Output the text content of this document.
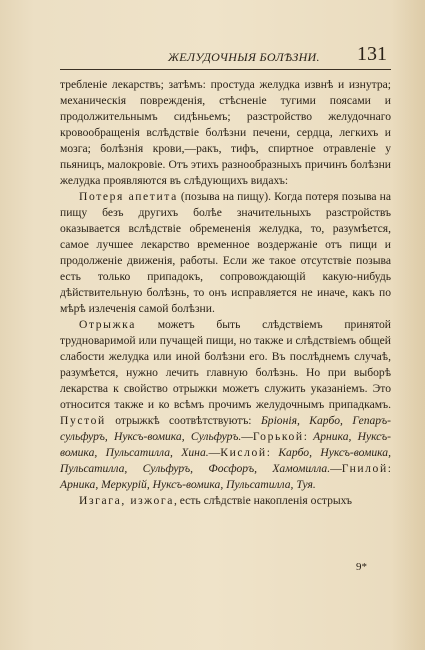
ЖЕЛУДОЧНЫЯ БОЛѢЗНИ. 131

требленіе лекарствъ; затѣмъ: простуда желудка извнѣ и изнутра; механическія поврежденія, стѣсненіе тугими поясами и продолжительнымъ сидѣньемъ; разстройство желудочнаго кровообращенія вслѣдствіе болѣзни печени, сердца, легкихъ и мозга; болѣзнія крови,—ракъ, тифъ, спиртное отравленіе у пьяницъ, малокровіе. Отъ этихъ разнообразныхъ причинъ болѣзни желудка проявляются въ слѣдующихъ видахъ:

Потеря апетита (позыва на пищу). Когда потеря позыва на пищу безъ другихъ болѣе значительныхъ разстройствъ оказывается вслѣдствіе обремененія желудка, то, разумѣется, самое лучшее лекарство временное воздержаніе отъ пищи и продолженіе движенія, работы. Если же такое отсутствіе позыва есть только припадокъ, сопровождающій какую-нибудь дѣйствительную болѣзнь, то онъ исправляется не иначе, какъ по мѣрѣ излеченія самой болѣзни.

Отрыжка можетъ быть слѣдствіемъ принятой трудноваримой или пучащей пищи, но также и слѣдствіемъ общей слабости желудка или иной болѣзни его. Въ послѣднемъ случаѣ, разумѣется, нужно лечить главную болѣзнь. Но при выборѣ лекарства к свойство отрыжки можетъ служить указаніемъ. Это относится также и ко всѣмъ прочимъ желудочнымъ припадкамъ. Пустой отрыжкѣ соотвѣтствуютъ: Бріонія, Карбо, Гепаръ-сульфуръ, Нуксъ-вомика, Сульфуръ.—Горькой: Арника, Нуксъ-вомика, Пульсатилла, Хина.—Кислой: Карбо, Нуксъ-вомика, Пульсатилла, Сульфуръ, Фосфоръ, Хамомилла.—Гнилой: Арника, Меркурій, Нуксъ-вомика, Пульсатилла, Туя.

Изгага, изжога, есть слѣдствіе накопленія острыхъ

9*
